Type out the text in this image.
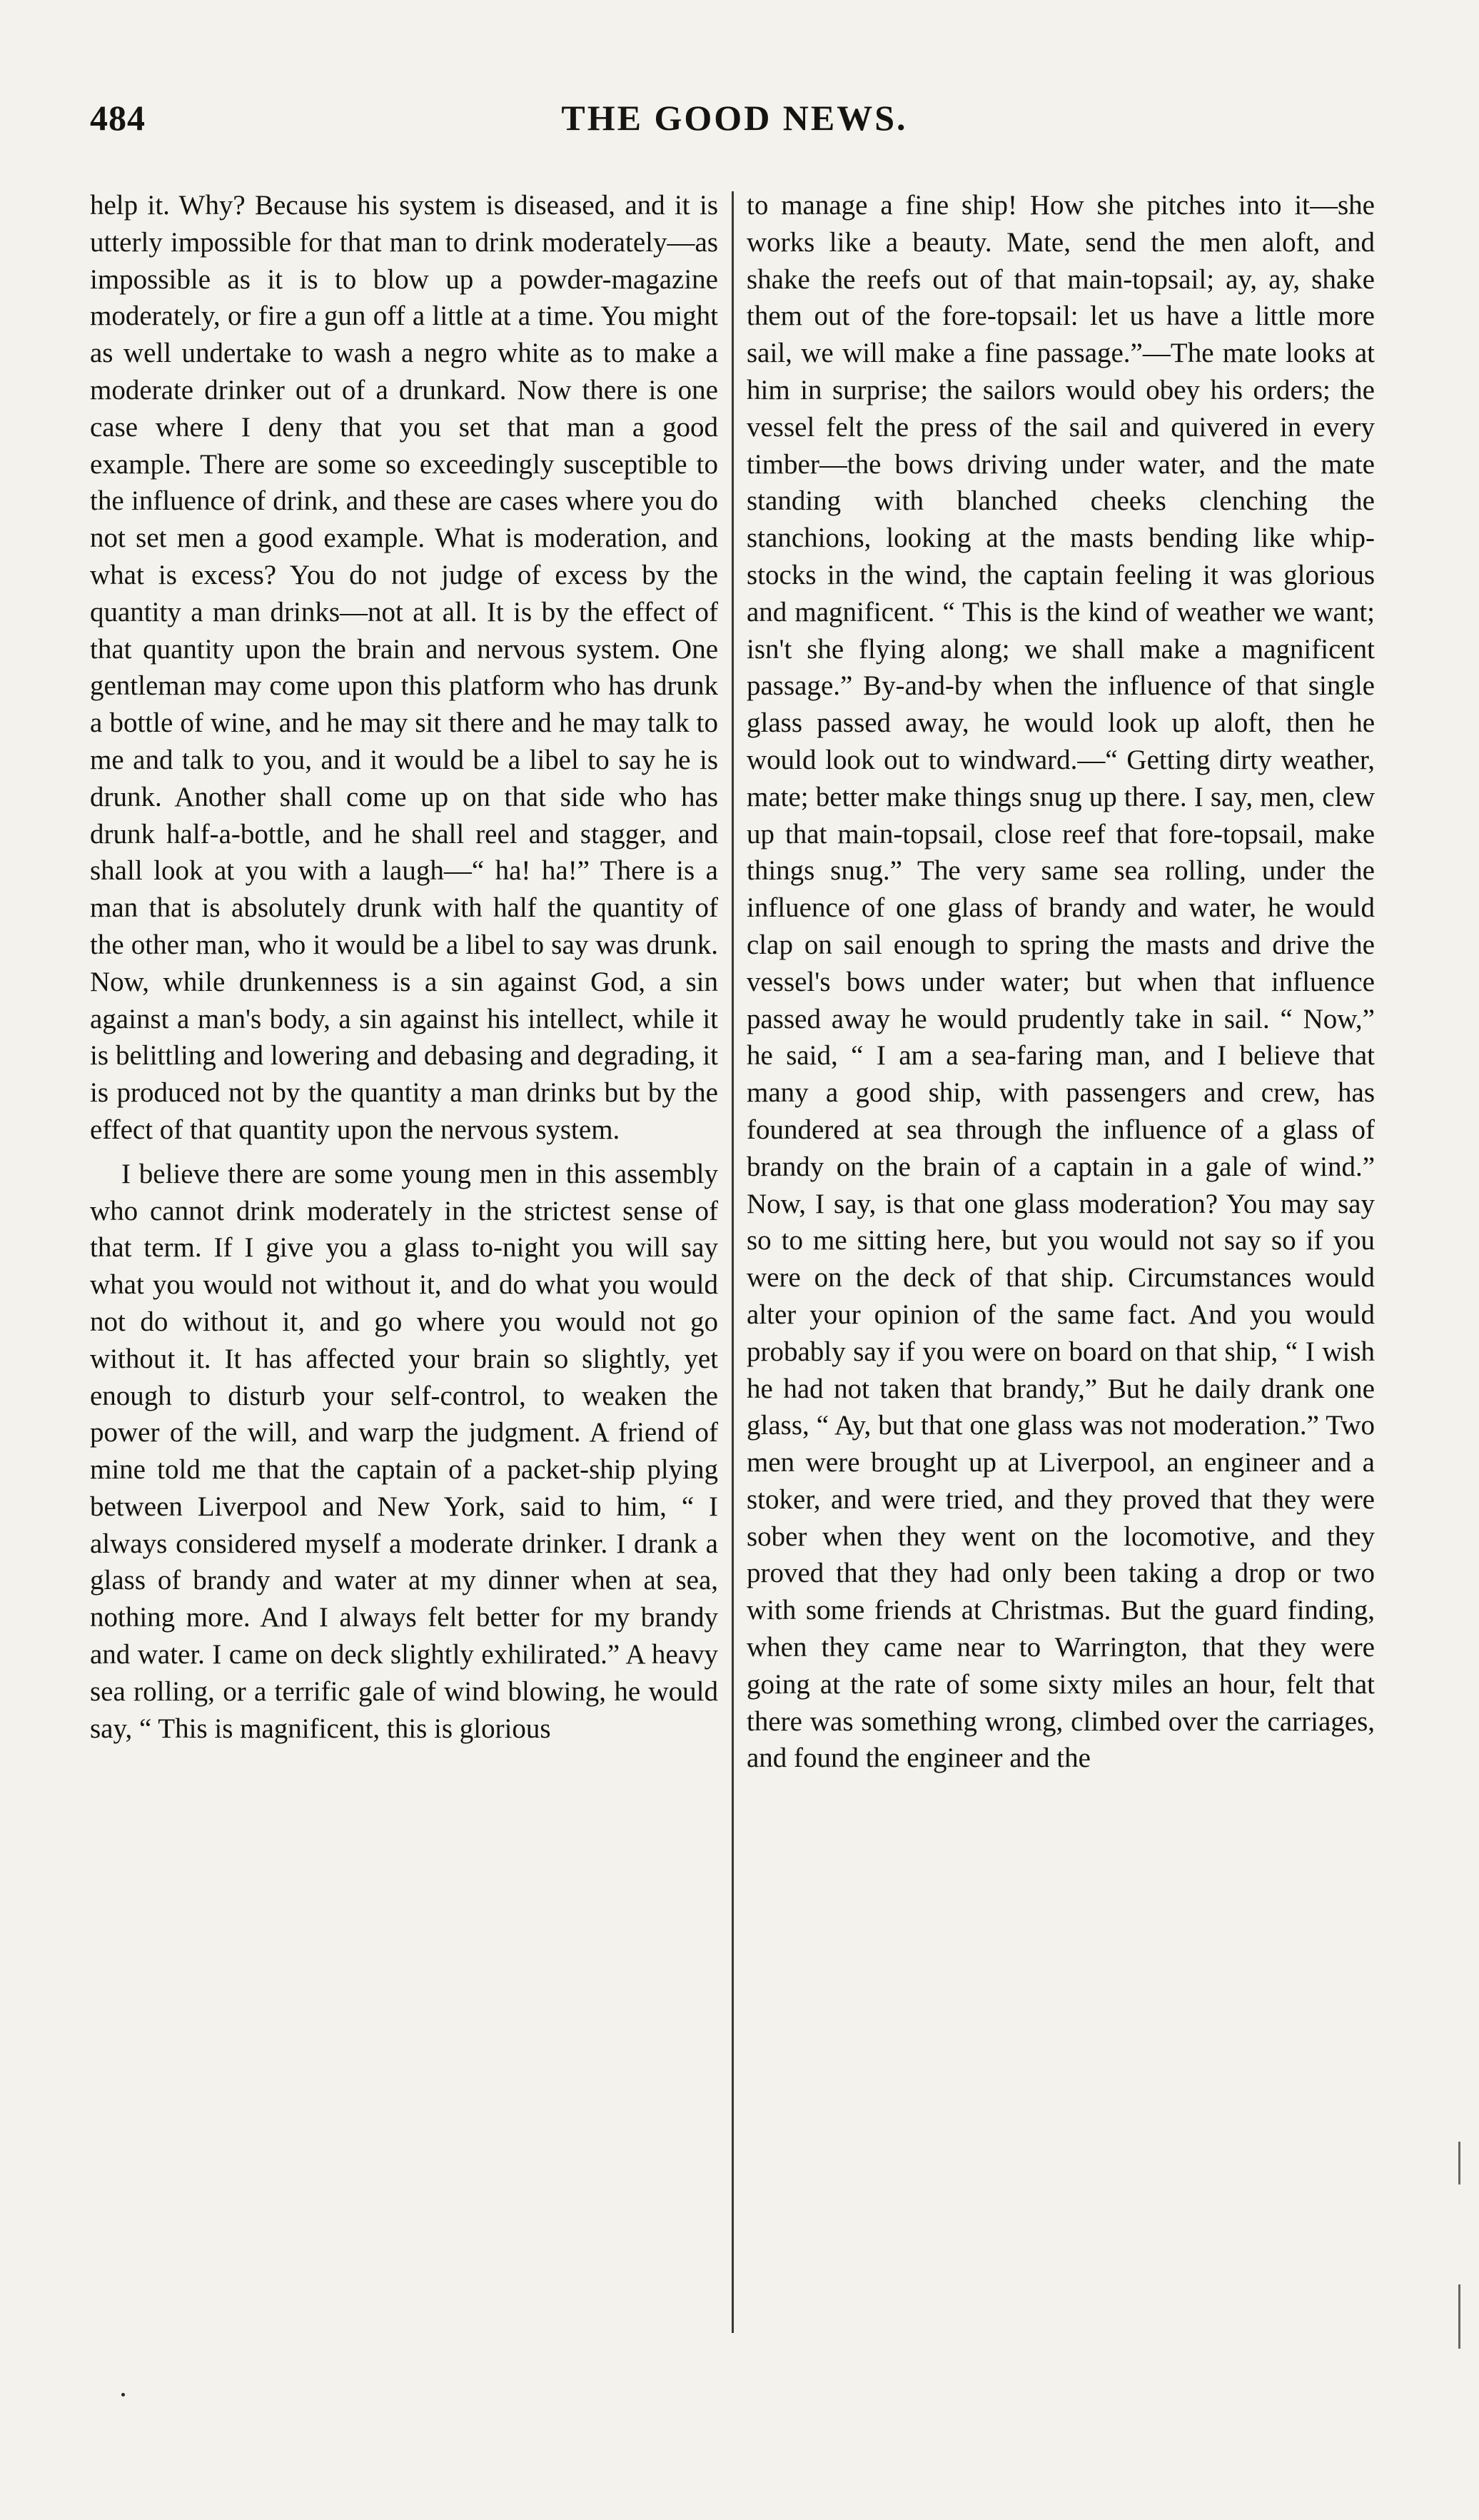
484	THE GOOD NEWS.

help it. Why? Because his system is diseased, and it is utterly impossible for that man to drink moderately—as impossible as it is to blow up a powder-magazine moderately, or fire a gun off a little at a time. You might as well undertake to wash a negro white as to make a moderate drinker out of a drunkard. Now there is one case where I deny that you set that man a good example. There are some so exceedingly susceptible to the influence of drink, and these are cases where you do not set men a good example. What is moderation, and what is excess? You do not judge of excess by the quantity a man drinks—not at all. It is by the effect of that quantity upon the brain and nervous system. One gentleman may come upon this platform who has drunk a bottle of wine, and he may sit there and he may talk to me and talk to you, and it would be a libel to say he is drunk. Another shall come up on that side who has drunk half-a-bottle, and he shall reel and stagger, and shall look at you with a laugh—“ ha! ha!” There is a man that is absolutely drunk with half the quantity of the other man, who it would be a libel to say was drunk. Now, while drunkenness is a sin against God, a sin against a man's body, a sin against his intellect, while it is belittling and lowering and debasing and degrading, it is produced not by the quantity a man drinks but by the effect of that quantity upon the nervous system.

I believe there are some young men in this assembly who cannot drink moderately in the strictest sense of that term. If I give you a glass to-night you will say what you would not without it, and do what you would not do without it, and go where you would not go without it. It has affected your brain so slightly, yet enough to disturb your self-control, to weaken the power of the will, and warp the judgment. A friend of mine told me that the captain of a packet-ship plying between Liverpool and New York, said to him, “ I always considered myself a moderate drinker. I drank a glass of brandy and water at my dinner when at sea, nothing more. And I always felt better for my brandy and water. I came on deck slightly exhilirated.” A heavy sea rolling, or a terrific gale of wind blowing, he would say, “ This is magnificent, this is glorious

to manage a fine ship! How she pitches into it—she works like a beauty. Mate, send the men aloft, and shake the reefs out of that main-topsail; ay, ay, shake them out of the fore-topsail: let us have a little more sail, we will make a fine passage.”—The mate looks at him in surprise; the sailors would obey his orders; the vessel felt the press of the sail and quivered in every timber—the bows driving under water, and the mate standing with blanched cheeks clenching the stanchions, looking at the masts bending like whip-stocks in the wind, the captain feeling it was glorious and magnificent. “ This is the kind of weather we want; isn't she flying along; we shall make a magnificent passage.” By-and-by when the influence of that single glass passed away, he would look up aloft, then he would look out to windward.—“ Getting dirty weather, mate; better make things snug up there. I say, men, clew up that main-topsail, close reef that fore-topsail, make things snug.” The very same sea rolling, under the influence of one glass of brandy and water, he would clap on sail enough to spring the masts and drive the vessel's bows under water; but when that influence passed away he would prudently take in sail. “ Now,” he said, “ I am a sea-faring man, and I believe that many a good ship, with passengers and crew, has foundered at sea through the influence of a glass of brandy on the brain of a captain in a gale of wind.” Now, I say, is that one glass moderation? You may say so to me sitting here, but you would not say so if you were on the deck of that ship. Circumstances would alter your opinion of the same fact. And you would probably say if you were on board on that ship, “ I wish he had not taken that brandy,” But he daily drank one glass, “ Ay, but that one glass was not moderation.” Two men were brought up at Liverpool, an engineer and a stoker, and were tried, and they proved that they were sober when they went on the locomotive, and they proved that they had only been taking a drop or two with some friends at Christmas. But the guard finding, when they came near to Warrington, that they were going at the rate of some sixty miles an hour, felt that there was something wrong, climbed over the carriages, and found the engineer and the
